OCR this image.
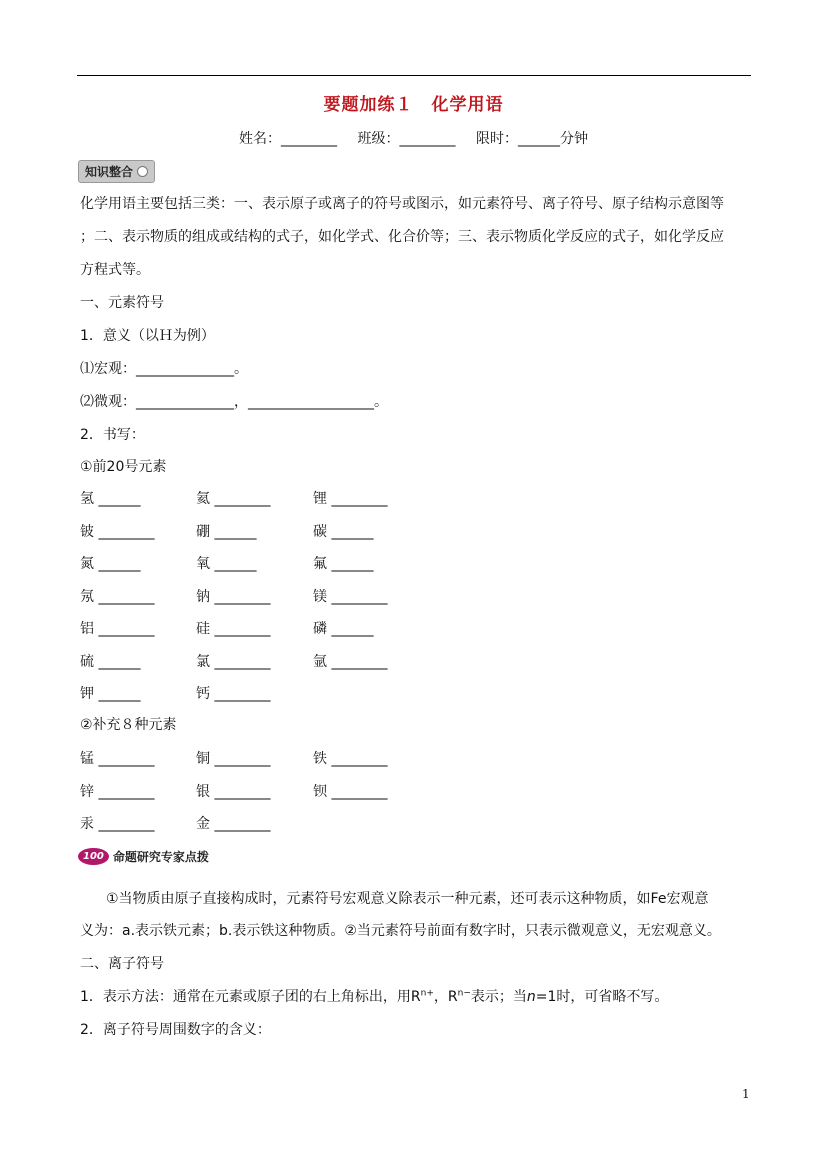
要题加练１　化学用语
姓名：________ 班级：________ 限时：______分钟
知识整合
化学用语主要包括三类：一、表示原子或离子的符号或图示，如元素符号、离子符号、原子结构示意图等
；二、表示物质的组成或结构的式子，如化学式、化合价等；三、表示物质化学反应的式子，如化学反应
方程式等。
一、元素符号
1．意义（以Ｈ为例）
⑴宏观：______________。
⑵微观：______________，__________________。
2．书写：
①前20号元素
氢 ______	氦 ________	锂 ________
铍 ________	硼 ______	碳 ______
氮 ______	氧 ______	氟 ______
氖 ________	钠 ________	镁 ________
铝 ________	硅 ________	磷 ______
硫 ______	氯 ________	氩 ________
钾 ______	钙 ________
②补充８种元素
锰 ________	铜 ________	铁 ________
锌 ________	银 ________	钡 ________
汞 ________	金 ________
100 命题研究专家点拨
①当物质由原子直接构成时，元素符号宏观意义除表示一种元素，还可表示这种物质，如Fe宏观意
义为：a.表示铁元素；b.表示铁这种物质。②当元素符号前面有数字时，只表示微观意义，无宏观意义。
二、离子符号
1．表示方法：通常在元素或原子团的右上角标出，用$R^{n+}$，$R^{n-}$表示；当n=1时，可省略不写。
2．离子符号周围数字的含义：
1
